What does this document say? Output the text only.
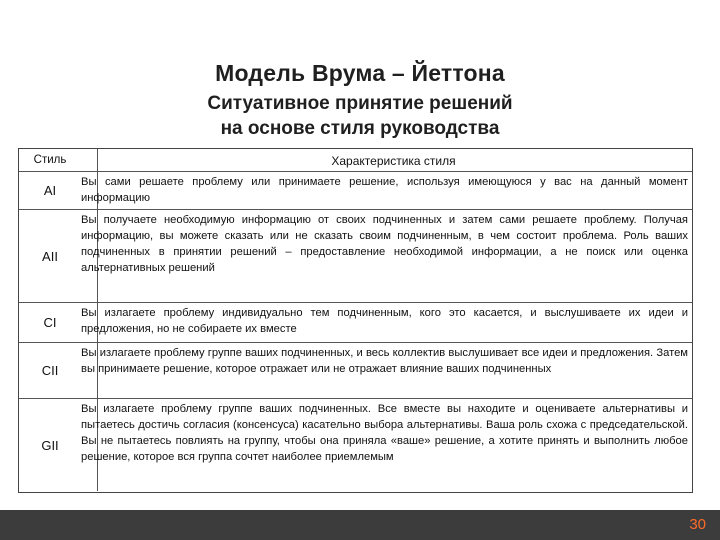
Модель Врума – Йеттона
Ситуативное принятие решений
на основе стиля руководства
Стиль	Характеристика стиля
AI
Вы сами решаете проблему или принимаете решение, используя имеющуюся у вас на данный момент информацию
AII
Вы получаете необходимую информацию от своих подчиненных и затем сами решаете проблему. Получая информацию, вы можете сказать или не сказать своим подчиненным, в чем состоит проблема. Роль ваших подчиненных в принятии решений – предоставление необходимой информации, а не поиск или оценка альтернативных решений
CI
Вы излагаете проблему индивидуально тем подчиненным, кого это касается, и выслушиваете их идеи и предложения, но не собираете их вместе
CII
Вы излагаете проблему группе ваших подчиненных, и весь коллектив выслушивает все идеи и предложения. Затем вы принимаете решение, которое отражает или не отражает влияние ваших подчиненных
GII
Вы излагаете проблему группе ваших подчиненных. Все вместе вы находите и оцениваете альтернативы и пытаетесь достичь согласия (консенсуса) касательно выбора альтернативы. Ваша роль схожа с председательской. Вы не пытаетесь повлиять на группу, чтобы она приняла «ваше» решение, а хотите принять и выполнить любое решение, которое вся группа сочтет наиболее приемлемым
30
